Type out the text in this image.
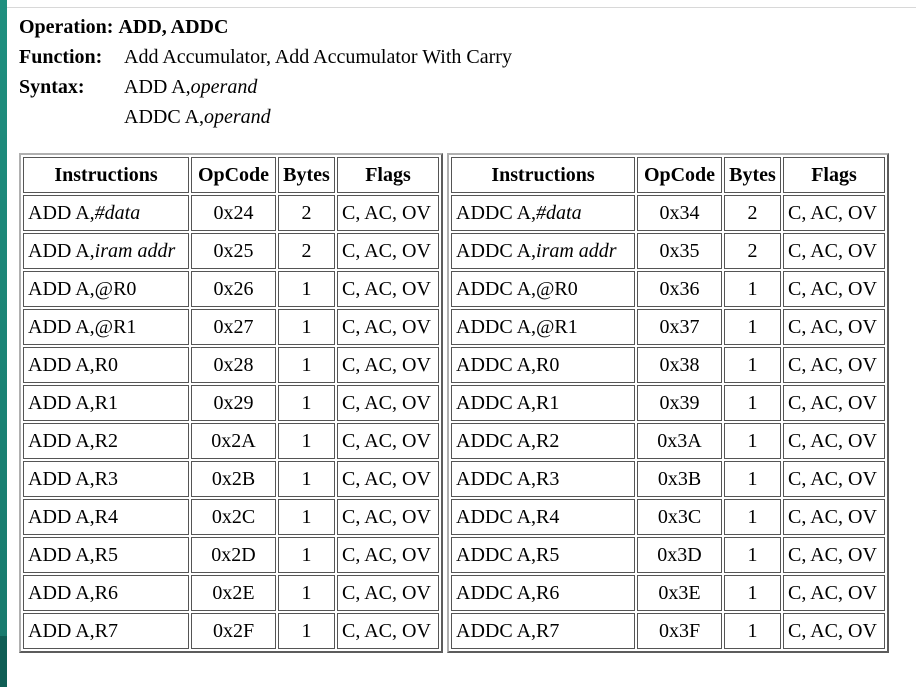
Operation:
ADD, ADDC
Function:	Add Accumulator, Add Accumulator With Carry
Syntax:	ADD A,operand
ADDC A,operand
Instructions	OpCode	Bytes	Flags
ADD A,#data	0x24	2	C, AC, OV
ADD A,iram addr	0x25	2	C, AC, OV
ADD A,@R0	0x26	1	C, AC, OV
ADD A,@R1	0x27	1	C, AC, OV
ADD A,R0	0x28	1	C, AC, OV
ADD A,R1	0x29	1	C, AC, OV
ADD A,R2	0x2A	1	C, AC, OV
ADD A,R3	0x2B	1	C, AC, OV
ADD A,R4	0x2C	1	C, AC, OV
ADD A,R5	0x2D	1	C, AC, OV
ADD A,R6	0x2E	1	C, AC, OV
ADD A,R7	0x2F	1	C, AC, OV
Instructions	OpCode	Bytes	Flags
ADDC A,#data	0x34	2	C, AC, OV
ADDC A,iram addr	0x35	2	C, AC, OV
ADDC A,@R0	0x36	1	C, AC, OV
ADDC A,@R1	0x37	1	C, AC, OV
ADDC A,R0	0x38	1	C, AC, OV
ADDC A,R1	0x39	1	C, AC, OV
ADDC A,R2	0x3A	1	C, AC, OV
ADDC A,R3	0x3B	1	C, AC, OV
ADDC A,R4	0x3C	1	C, AC, OV
ADDC A,R5	0x3D	1	C, AC, OV
ADDC A,R6	0x3E	1	C, AC, OV
ADDC A,R7	0x3F	1	C, AC, OV
